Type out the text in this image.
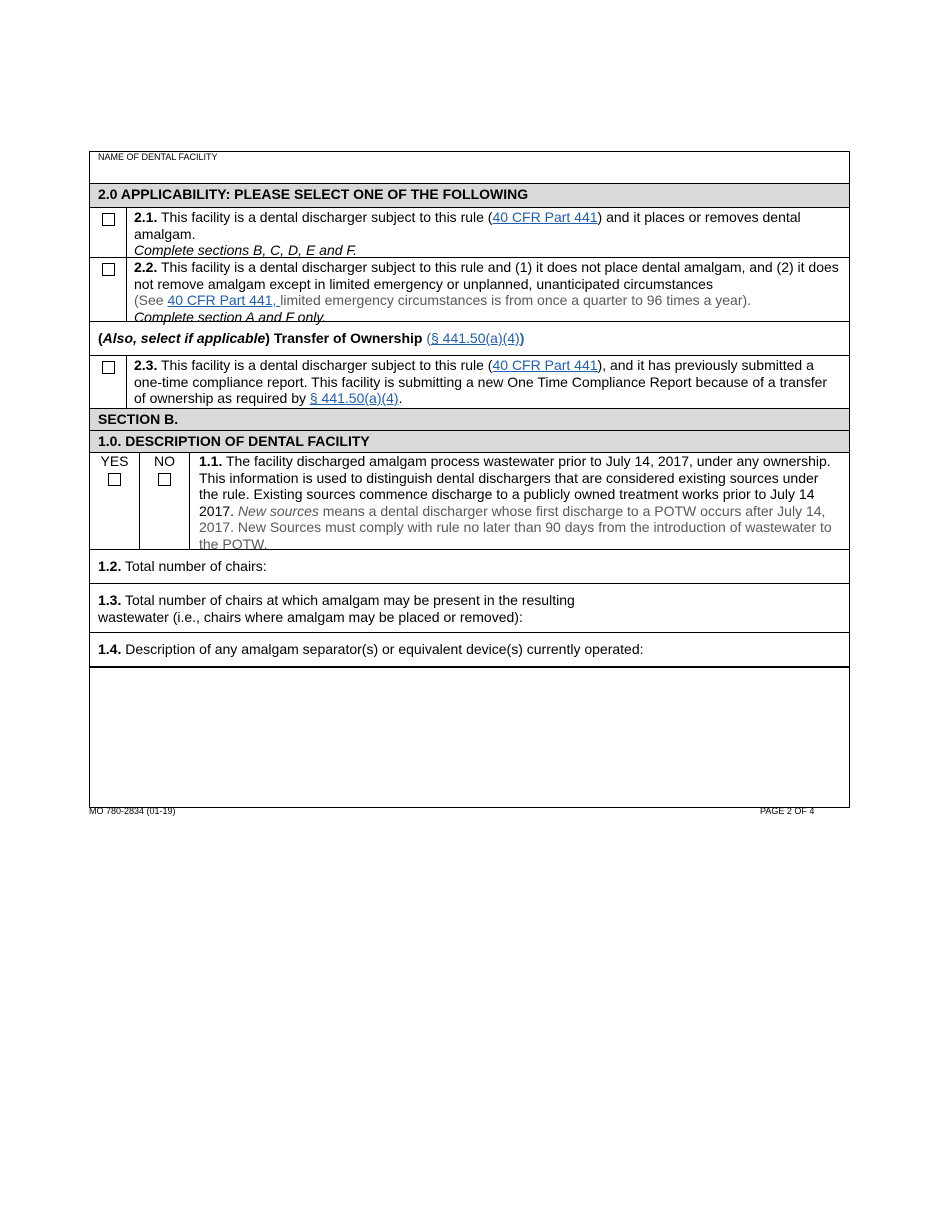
NAME OF DENTAL FACILITY
2.0 APPLICABILITY: PLEASE SELECT ONE OF THE FOLLOWING
2.1. This facility is a dental discharger subject to this rule (40 CFR Part 441) and it places or removes dental amalgam.
Complete sections B, C, D, E and F.
2.2. This facility is a dental discharger subject to this rule and (1) it does not place dental amalgam, and (2) it does not remove amalgam except in limited emergency or unplanned, unanticipated circumstances
(See 40 CFR Part 441, limited emergency circumstances is from once a quarter to 96 times a year).
Complete section A and F only.
(Also, select if applicable) Transfer of Ownership (§ 441.50(a)(4))
2.3. This facility is a dental discharger subject to this rule (40 CFR Part 441), and it has previously submitted a one-time compliance report. This facility is submitting a new One Time Compliance Report because of a transfer of ownership as required by § 441.50(a)(4).
SECTION B.
1.0. DESCRIPTION OF DENTAL FACILITY
YES	NO	1.1. The facility discharged amalgam process wastewater prior to July 14, 2017, under any ownership. This information is used to distinguish dental dischargers that are considered existing sources under the rule. Existing sources commence discharge to a publicly owned treatment works prior to July 14 2017. New sources means a dental discharger whose first discharge to a POTW occurs after July 14, 2017. New Sources must comply with rule no later than 90 days from the introduction of wastewater to the POTW.
1.2. Total number of chairs:
1.3. Total number of chairs at which amalgam may be present in the resulting
wastewater (i.e., chairs where amalgam may be placed or removed):
1.4. Description of any amalgam separator(s) or equivalent device(s) currently operated:
MO 780-2834 (01-19)	PAGE 2 OF 4
